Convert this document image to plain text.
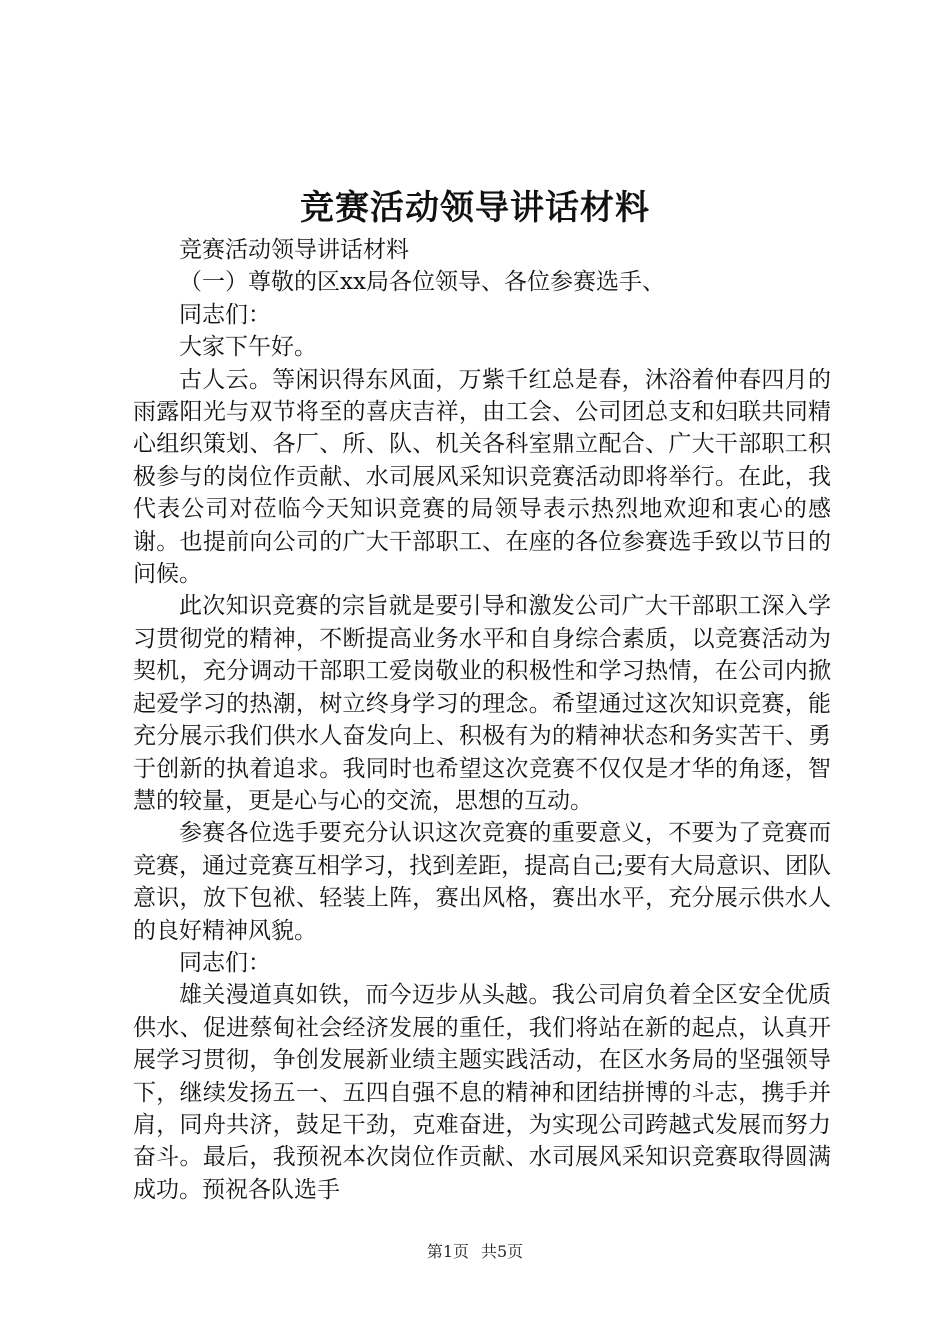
竞赛活动领导讲话材料

竞赛活动领导讲话材料

（一）尊敬的区xx局各位领导、各位参赛选手、

同志们：

大家下午好。

古人云。等闲识得东风面，万紫千红总是春，沐浴着仲春四月的雨露阳光与双节将至的喜庆吉祥，由工会、公司团总支和妇联共同精心组织策划、各厂、所、队、机关各科室鼎立配合、广大干部职工积极参与的岗位作贡献、水司展风采知识竞赛活动即将举行。在此，我代表公司对莅临今天知识竞赛的局领导表示热烈地欢迎和衷心的感谢。也提前向公司的广大干部职工、在座的各位参赛选手致以节日的问候。

此次知识竞赛的宗旨就是要引导和激发公司广大干部职工深入学习贯彻党的精神，不断提高业务水平和自身综合素质，以竞赛活动为契机，充分调动干部职工爱岗敬业的积极性和学习热情，在公司内掀起爱学习的热潮，树立终身学习的理念。希望通过这次知识竞赛，能充分展示我们供水人奋发向上、积极有为的精神状态和务实苦干、勇于创新的执着追求。我同时也希望这次竞赛不仅仅是才华的角逐，智慧的较量，更是心与心的交流，思想的互动。

参赛各位选手要充分认识这次竞赛的重要意义，不要为了竞赛而竞赛，通过竞赛互相学习，找到差距，提高自己;要有大局意识、团队意识，放下包袱、轻装上阵，赛出风格，赛出水平，充分展示供水人的良好精神风貌。

同志们：

雄关漫道真如铁，而今迈步从头越。我公司肩负着全区安全优质供水、促进蔡甸社会经济发展的重任，我们将站在新的起点，认真开展学习贯彻，争创发展新业绩主题实践活动，在区水务局的坚强领导下，继续发扬五一、五四自强不息的精神和团结拼博的斗志，携手并肩，同舟共济，鼓足干劲，克难奋进，为实现公司跨越式发展而努力奋斗。最后，我预祝本次岗位作贡献、水司展风采知识竞赛取得圆满成功。预祝各队选手

第1页 共5页
